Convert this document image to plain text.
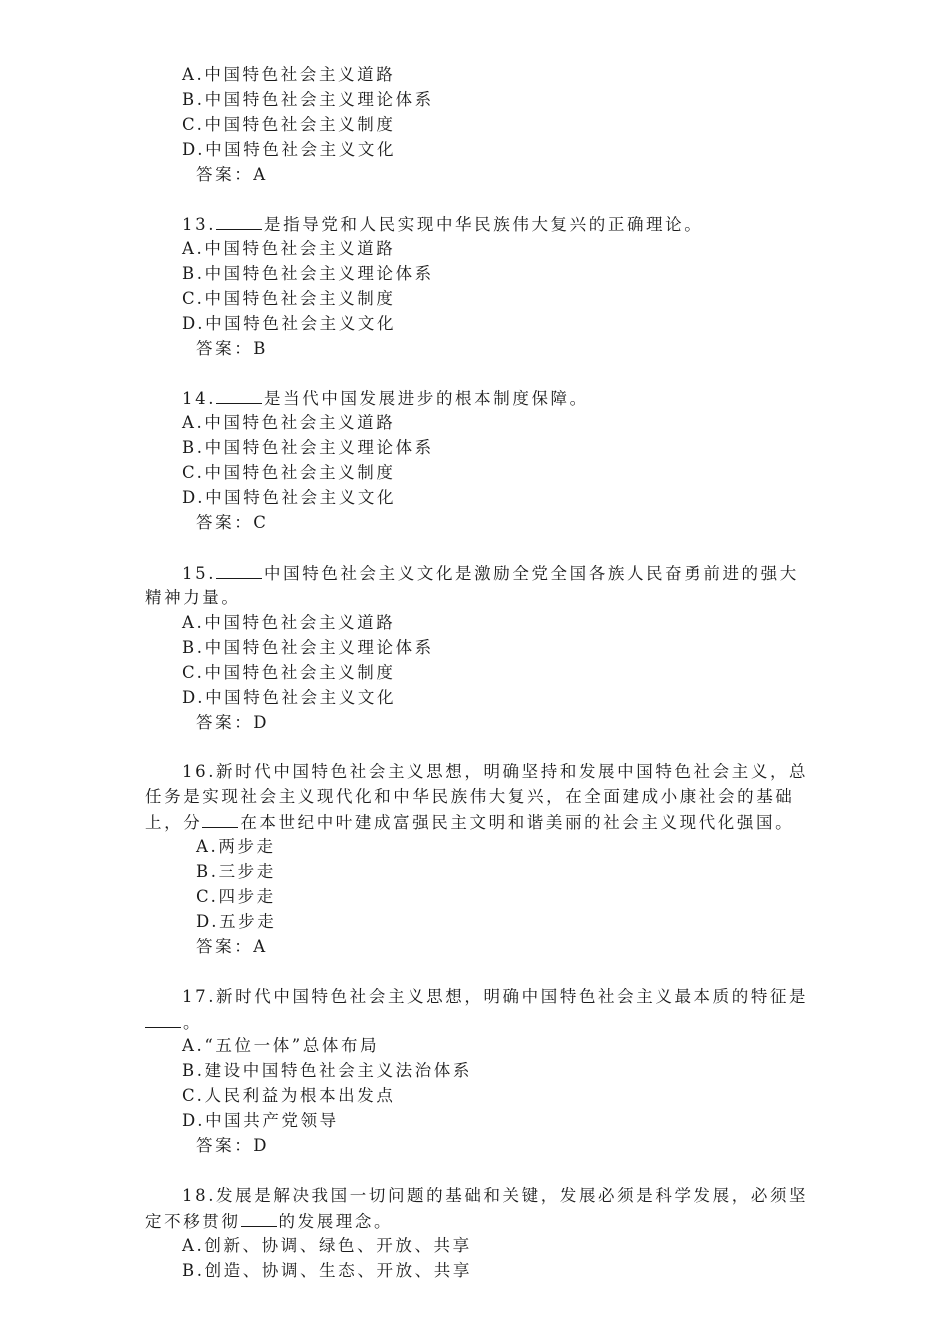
A.中国特色社会主义道路

B.中国特色社会主义理论体系

C.中国特色社会主义制度

D.中国特色社会主义文化

答案：A

13.	是指导党和人民实现中华民族伟大复兴的正确理论。

A.中国特色社会主义道路

B.中国特色社会主义理论体系

C.中国特色社会主义制度

D.中国特色社会主义文化

答案：B

14.	是当代中国发展进步的根本制度保障。

A.中国特色社会主义道路

B.中国特色社会主义理论体系

C.中国特色社会主义制度

D.中国特色社会主义文化

答案：C

15.	中国特色社会主义文化是激励全党全国各族人民奋勇前进的强大

精神力量。

A.中国特色社会主义道路

B.中国特色社会主义理论体系

C.中国特色社会主义制度

D.中国特色社会主义文化

答案：D

16.新时代中国特色社会主义思想，明确坚持和发展中国特色社会主义，总

任务是实现社会主义现代化和中华民族伟大复兴，在全面建成小康社会的基础

上，分 在本世纪中叶建成富强民主文明和谐美丽的社会主义现代化强国。

A.两步走

B.三步走

C.四步走

D.五步走

答案：A

17.新时代中国特色社会主义思想，明确中国特色社会主义最本质的特征是

。

A.“五位一体”总体布局

B.建设中国特色社会主义法治体系

C.人民利益为根本出发点

D.中国共产党领导

答案：D

18.发展是解决我国一切问题的基础和关键，发展必须是科学发展，必须坚

定不移贯彻 的发展理念。

A.创新、协调、绿色、开放、共享

B.创造、协调、生态、开放、共享
